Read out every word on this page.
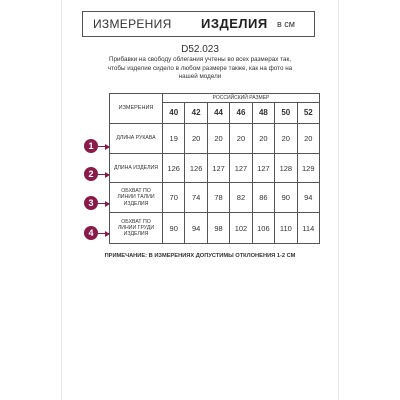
ИЗМЕРЕНИЯ ИЗДЕЛИЯ в см
D52.023
Прибавки на свободу облегания учтены во всех размерах так,
чтобы изделие сидело в любом размере также, как на фото на
нашей модели
ИЗМЕРЕНИЯ	РОССИЙСКИЙ РАЗМЕР						
	40	42	44	46	48	50	52
ДЛИНА РУКАВА	19	20	20	20	20	20	20
ДЛИНА ИЗДЕЛИЯ	126	126	127	127	127	128	129
ОБХВАТ ПО ЛИНИИ ТАЛИИ ИЗДЕЛИЯ	70	74	78	82	86	90	94
ОБХВАТ ПО ЛИНИИ ГРУДИ ИЗДЕЛИЯ	90	94	98	102	106	110	114
1
2
3
4
ПРИМЕЧАНИЕ: В ИЗМЕРЕНИЯХ ДОПУСТИМЫ ОТКЛОНЕНИЯ 1-2 СМ
